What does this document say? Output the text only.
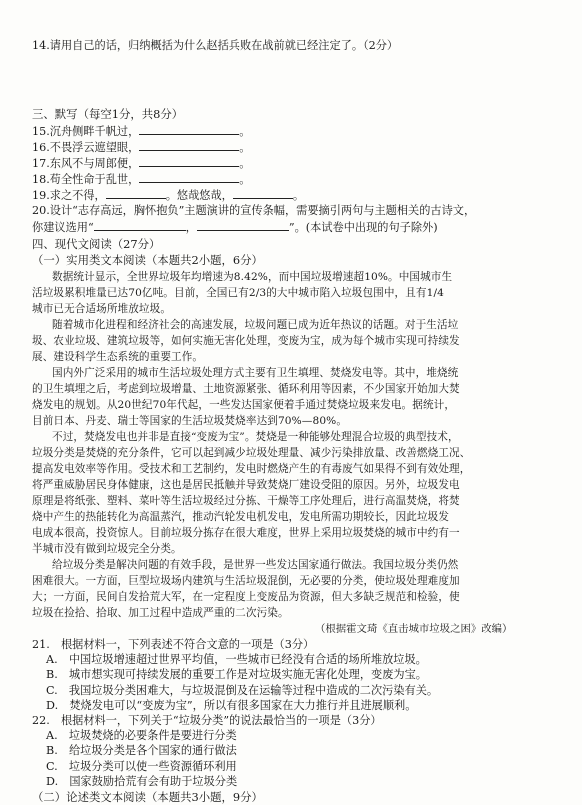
14.请用自己的话，归纳概括为什么赵括兵败在战前就已经注定了。（2分）
三、默写（每空1分，共8分）
15.沉舟侧畔千帆过，	。
16.不畏浮云遮望眼，	。
17.东风不与周郎便，	。
18.苟全性命于乱世，	。
19.求之不得，	。悠哉悠哉，	。
20.设计“志存高远，胸怀抱负”主题演讲的宣传条幅，需要摘引两句与主题相关的古诗文，
你建议选用“	，	”。(本试卷中出现的句子除外)
四、现代文阅读（27分）
（一）实用类文本阅读（本题共2小题，6分）
数据统计显示，全世界垃圾年均增速为8.42%，而中国垃圾增速超10%。中国城市生
活垃圾累积堆量已达70亿吨。目前，全国已有2/3的大中城市陷入垃圾包围中，且有1/4
城市已无合适场所堆放垃圾。
随着城市化进程和经济社会的高速发展，垃圾问题已成为近年热议的话题。对于生活垃
圾、农业垃圾、建筑垃圾等，如何实施无害化处理，变废为宝，成为每个城市实现可持续发
展、建设科学生态系统的重要工作。
国内外广泛采用的城市生活垃圾处理方式主要有卫生填埋、焚烧发电等。其中，堆烧统
的卫生填埋之后，考虑到垃圾增量、土地资源紧张、循环利用等因素，不少国家开始加大焚
烧发电的规划。从20世纪70年代起，一些发达国家便着手通过焚烧垃圾来发电。据统计，
目前日本、丹麦、瑞士等国家的生活垃圾焚烧率达到70%—80%。
不过，焚烧发电也并非是直接“变废为宝”。焚烧是一种能够处理混合垃圾的典型技术，
垃圾分类是焚烧的充分条件，它可以起到减少垃圾处理量、减少污染排放量、改善燃烧工况、
提高发电效率等作用。受技术和工艺制约，发电时燃烧产生的有毒废气如果得不到有效处理，
将严重威胁居民身体健康，这也是居民抵触并导致焚烧厂建设受阻的原因。另外，垃圾发电
原理是将纸张、塑料、菜叶等生活垃圾经过分拣、干燥等工序处理后，进行高温焚烧，将焚
烧中产生的热能转化为高温蒸汽，推动汽轮发电机发电，发电所需功期较长，因此垃圾发
电成本很高，投资惊人。目前垃圾分拣存在很大难度，世界上采用垃圾焚烧的城市中约有一
半城市没有做到垃圾完全分类。
给垃圾分类是解决问题的有效手段，是世界一些发达国家通行做法。我国垃圾分类仍然
困难很大。一方面，巨型垃圾场内建筑与生活垃圾混倒，无必要的分类，使垃圾处理难度加
大；一方面，民间自发拾荒大军，在一定程度上变废品为资源，但大多缺乏规范和检验，使
垃圾在捡拾、拾取、加工过程中造成严重的二次污染。
（根据霍文琦《直击城市垃圾之困》改编）
21.　根据材料一，下列表述不符合文意的一项是（3分）
A.　中国垃圾增速超过世界平均值，一些城市已经没有合适的场所堆放垃圾。
B.　城市想实现可持续发展的重要工作是对垃圾实施无害化处理，变废为宝。
C.　我国垃圾分类困难大，与垃圾混倒及在运输等过程中造成的二次污染有关。
D.　焚烧发电可以“变废为宝”，所以有很多国家在大力推行并且进展顺利。
22.　根据材料一，下列关于“垃圾分类”的说法最恰当的一项是（3分）
A.　垃圾焚烧的必要条件是要进行分类
B.　给垃圾分类是各个国家的通行做法
C.　垃圾分类可以使一些资源循环利用
D.　国家鼓励拾荒有会有助于垃圾分类
（二）论述类文本阅读（本题共3小题，9分）
